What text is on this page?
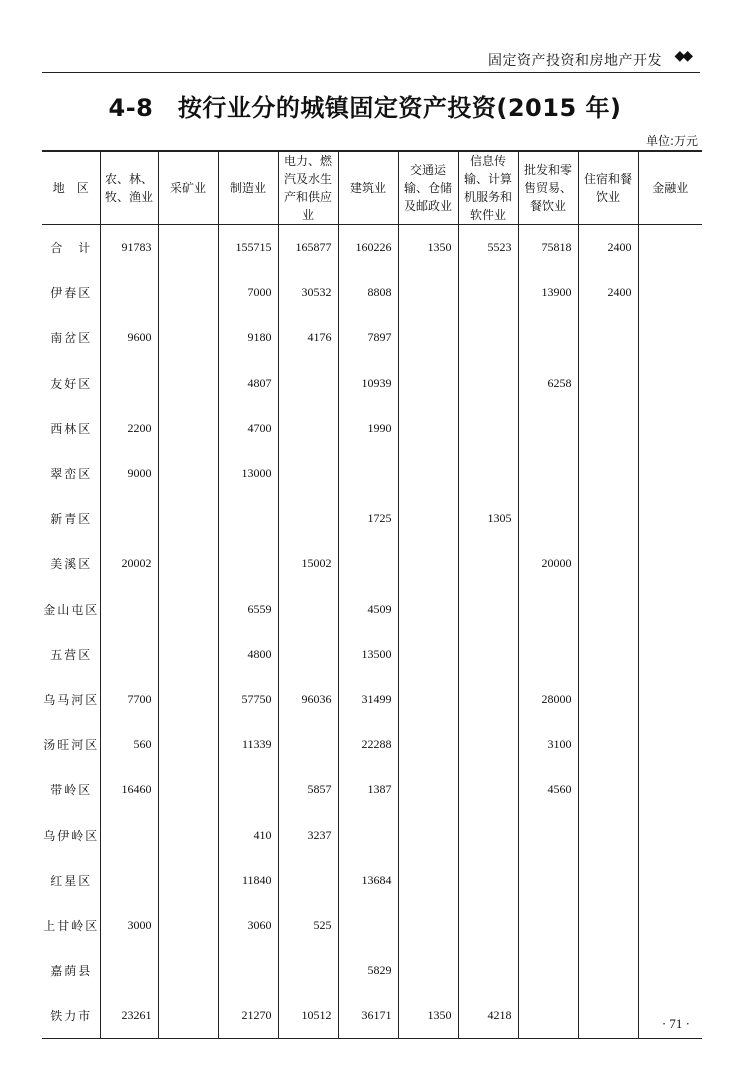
固定资产投资和房地产开发 ◆◆
4-8　按行业分的城镇固定资产投资(2015 年)
单位:万元
地　区	农、林、牧、渔业	采矿业	制造业	电力、燃汽及水生产和供应业	建筑业	交通运输、仓储及邮政业	信息传输、计算机服务和软件业	批发和零售贸易、餐饮业	住宿和餐饮业	金融业
合　计	91783		155715	165877	160226	1350	5523	75818	2400	
伊春区			7000	30532	8808			13900	2400	
南岔区	9600		9180	4176	7897					
友好区			4807		10939			6258		
西林区	2200		4700		1990					
翠峦区	9000		13000							
新青区					1725		1305			
美溪区	20002			15002				20000		
金山屯区			6559		4509					
五营区			4800		13500					
乌马河区	7700		57750	96036	31499			28000		
汤旺河区	560		11339		22288			3100		
带岭区	16460			5857	1387			4560		
乌伊岭区			410	3237						
红星区			11840		13684					
上甘岭区	3000		3060	525						
嘉荫县					5829					
铁力市	23261		21270	10512	36171	1350	4218			
· 71 ·
